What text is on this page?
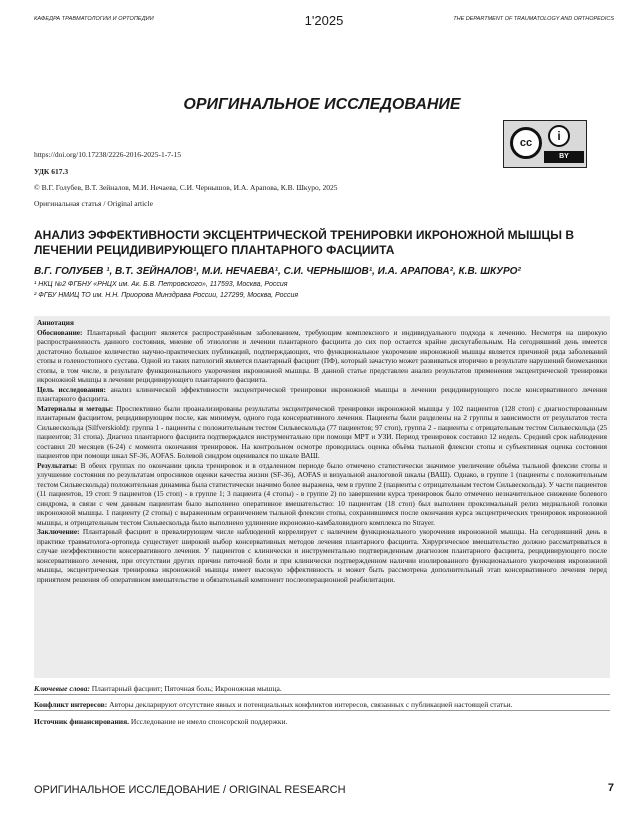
КАФЕДРА ТРАВМАТОЛОГИИ И ОРТОПЕДИИ	1'2025	THE DEPARTMENT OF TRAUMATOLOGY AND ORTHOPEDICS
ОРИГИНАЛЬНОЕ ИССЛЕДОВАНИЕ
cc	i
BY
https://doi.org/10.17238/2226-2016-2025-1-7-15
УДК 617.3
© В.Г. Голубев, В.Т. Зейналов, М.И. Нечаева, С.И. Чернышов, И.А. Арапова, К.В. Шкуро, 2025
Оригинальная статья / Original article
АНАЛИЗ ЭФФЕКТИВНОСТИ ЭКСЦЕНТРИЧЕСКОЙ ТРЕНИРОВКИ ИКРОНОЖНОЙ МЫШЦЫ В ЛЕЧЕНИИ РЕЦИДИВИРУЮЩЕГО ПЛАНТАРНОГО ФАСЦИИТА
В.Г. ГОЛУБЕВ ¹, В.Т. ЗЕЙНАЛОВ¹, М.И. НЕЧАЕВА¹, С.И. ЧЕРНЫШОВ¹, И.А. АРАПОВА², К.В. ШКУРО²
¹ НКЦ №2 ФГБНУ «РНЦХ им. Ак. Б.В. Петровского», 117593, Москва, Россия
² ФГБУ НМИЦ ТО им. Н.Н. Приорова Минздрава России, 127299, Москва, Россия

Аннотация

Обоснование: Плантарный фасциит является распространённым заболеванием, требующим комплексного и индивидуального подхода к лечению. Несмотря на широкую распространенность данного состояния, мнение об этиологии и лечении плантарного фасциита до сих пор остается крайне дискутабельным. На сегодняшний день имеется достаточно большое количество научно-практических публикаций, подтверждающих, что функциональное укорочение икроножной мышцы является причиной ряда заболеваний стопы и голеностопного сустава. Одной из таких патологий является плантарный фасциит (ПФ), который зачастую может развиваться вторично в результате нарушений биомеханики стопы, в том числе, в результате функционального укорочения икроножной мышцы. В данной статье представлен анализ результатов применения эксцентрической тренировки икроножной мышцы в лечении рецидивирующего плантарного фасциита.

Цель исследования: анализ клинической эффективности эксцентрической тренировки икроножной мышцы в лечении рецидивирующего после консервативного лечения плантарного фасциита.

Материалы и методы: Проспективно были проанализированы результаты эксцентрической тренировки икроножной мышцы у 102 пациентов (128 стоп) с диагностированным плантарным фасциитом, рецидивирующим после, как минимум, одного года консервативного лечения. Пациенты были разделены на 2 группы в зависимости от результатов теста Сильвескольда (Silfverskiold): группа 1 - пациенты с положительным тестом Сильвескольда (77 пациентов; 97 стоп), группа 2 - пациенты с отрицательным тестом Сильвескольда (25 пациентов; 31 стопа). Диагноз плантарного фасциита подтверждался инструментально при помощи МРТ и УЗИ. Период тренировок составил 12 недель. Средний срок наблюдения составил 20 месяцев (6-24) с момента окончания тренировок. На контрольном осмотре проводилась оценка объёма тыльной флексии стопы и субъективная оценка состояния пациентов при помощи шкал SF-36, AOFAS. Болевой синдром оценивался по шкале ВАШ.

Результаты: В обеих группах по окончании цикла тренировок и в отдаленном периоде было отмечено статистически значимое увеличение объёма тыльной флексии стопы и улучшение состояния по результатам опросников оценки качества жизни (SF-36), AOFAS и визуальной аналоговой шкалы (ВАШ). Однако, в группе 1 (пациенты с положительным тестом Сильвескольда) положительная динамика была статистически значимо более выражена, чем в группе 2 (пациенты с отрицательным тестом Сильвескольда). У части пациентов (11 пациентов, 19 стоп: 9 пациентов (15 стоп) - в группе 1; 3 пациента (4 стопы) - в группе 2) по завершении курса тренировок было отмечено незначительное снижение болевого синдрома, в связи с чем данным пациентам было выполнено оперативное вмешательство: 10 пациентам (18 стоп) был выполнен проксимальный релиз медиальной головки икроножной мышцы. 1 пациенту (2 стопы) с выраженным ограничением тыльной флексии стопы, сохранившимся после окончания курса эксцентрических тренировок икроножной мышцы, и отрицательным тестом Сильвескольда было выполнено удлинение икроножно-камбаловидного комплекса по Strayer.

Заключение: Плантарный фасциит в превалирующем числе наблюдений коррелирует с наличием функционального укорочения икроножной мышцы. На сегодняшний день в практике травматолога-ортопеда существует широкий выбор консервативных методов лечения плантарного фасциита. Хирургическое вмешательство должно рассматриваться в случае неэффективности консервативного лечения. У пациентов с клинически и инструментально подтвержденным диагнозом плантарного фасциита, рецидивирующего после консервативного лечения, при отсутствии других причин пяточной боли и при клинически подтвержденном наличии изолированного функционального укорочения икроножной мышцы, эксцентрическая тренировка икроножной мышцы имеет высокую эффективность и может быть рассмотрена дополнительный этап консервативного лечения перед принятием решения об оперативном вмешательстве и обязательный компонент послеоперационной реабилитации.

Ключевые слова: Плантарный фасциит; Пяточная боль; Икроножная мышца.
Конфликт интересов: Авторы декларируют отсутствие явных и потенциальных конфликтов интересов, связанных с публикацией настоящей статьи.
Источник финансирования. Исследование не имело спонсорской поддержки.
ОРИГИНАЛЬНОЕ ИССЛЕДОВАНИЕ / ORIGINAL RESEARCH	7
